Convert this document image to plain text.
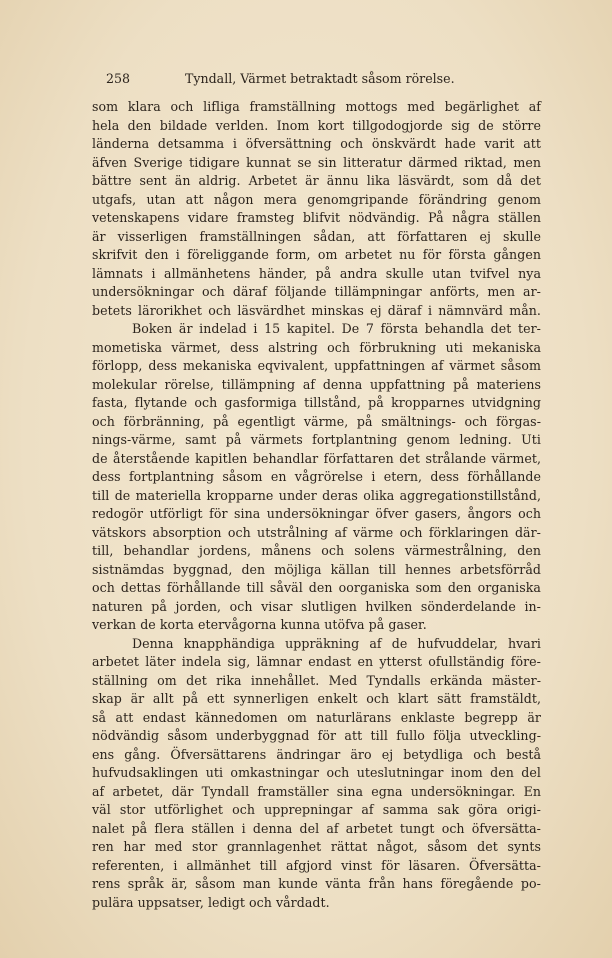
258	Tyndall, Värmet betraktadt såsom rörelse.
som klara och lifliga framställning mottogs med begärlighet af
hela den bildade verlden. Inom kort tillgodogjorde sig de större
länderna detsamma i öfversättning och önskvärdt hade varit att
äfven Sverige tidigare kunnat se sin litteratur därmed riktad, men
bättre sent än aldrig. Arbetet är ännu lika läsvärdt, som då det
utgafs, utan att någon mera genomgripande förändring genom
vetenskapens vidare framsteg blifvit nödvändig. På några ställen
är visserligen framställningen sådan, att författaren ej skulle
skrifvit den i föreliggande form, om arbetet nu för första gången
lämnats i allmänhetens händer, på andra skulle utan tvifvel nya
undersökningar och däraf följande tillämpningar anförts, men ar-
betets lärorikhet och läsvärdhet minskas ej däraf i nämnvärd mån.
Boken är indelad i 15 kapitel. De 7 första behandla det ter-
mometiska värmet, dess alstring och förbrukning uti mekaniska
förlopp, dess mekaniska eqvivalent, uppfattningen af värmet såsom
molekular rörelse, tillämpning af denna uppfattning på materiens
fasta, flytande och gasformiga tillstånd, på kropparnes utvidgning
och förbränning, på egentligt värme, på smältnings- och förgas-
nings-värme, samt på värmets fortplantning genom ledning. Uti
de återstående kapitlen behandlar författaren det strålande värmet,
dess fortplantning såsom en vågrörelse i etern, dess förhållande
till de materiella kropparne under deras olika aggregationstillstånd,
redogör utförligt för sina undersökningar öfver gasers, ångors och
vätskors absorption och utstrålning af värme och förklaringen där-
till, behandlar jordens, månens och solens värmestrålning, den
sistnämdas byggnad, den möjliga källan till hennes arbetsförråd
och dettas förhållande till såväl den oorganiska som den organiska
naturen på jorden, och visar slutligen hvilken sönderdelande in-
verkan de korta etervågorna kunna utöfva på gaser.
Denna knapphändiga uppräkning af de hufvuddelar, hvari
arbetet läter indela sig, lämnar endast en ytterst ofullständig före-
ställning om det rika innehållet. Med Tyndalls erkända mäster-
skap är allt på ett synnerligen enkelt och klart sätt framstäldt,
så att endast kännedomen om naturlärans enklaste begrepp är
nödvändig såsom underbyggnad för att till fullo följa utveckling-
ens gång. Öfversättarens ändringar äro ej betydliga och bestå
hufvudsaklingen uti omkastningar och uteslutningar inom den del
af arbetet, där Tyndall framställer sina egna undersökningar. En
väl stor utförlighet och upprepningar af samma sak göra origi-
nalet på flera ställen i denna del af arbetet tungt och öfversätta-
ren har med stor grannlagenhet rättat något, såsom det synts
referenten, i allmänhet till afgjord vinst för läsaren. Öfversätta-
rens språk är, såsom man kunde vänta från hans föregående po-
pulära uppsatser, ledigt och vårdadt.
